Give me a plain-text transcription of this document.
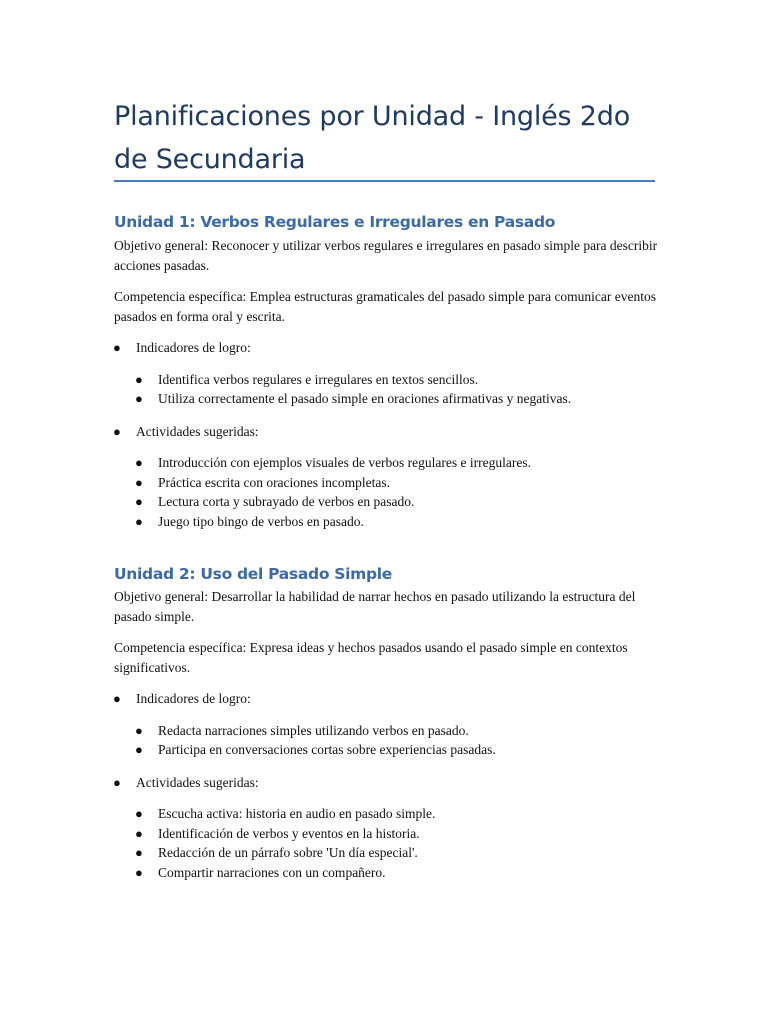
Planificaciones por Unidad - Inglés 2do de Secundaria
Unidad 1: Verbos Regulares e Irregulares en Pasado

Objetivo general: Reconocer y utilizar verbos regulares e irregulares en pasado simple para describir acciones pasadas.

Competencia específica: Emplea estructuras gramaticales del pasado simple para comunicar eventos pasados en forma oral y escrita.

● Indicadores de logro:
● Identifica verbos regulares e irregulares en textos sencillos.
● Utiliza correctamente el pasado simple en oraciones afirmativas y negativas.
● Actividades sugeridas:
● Introducción con ejemplos visuales de verbos regulares e irregulares.
● Práctica escrita con oraciones incompletas.
● Lectura corta y subrayado de verbos en pasado.
● Juego tipo bingo de verbos en pasado.
Unidad 2: Uso del Pasado Simple

Objetivo general: Desarrollar la habilidad de narrar hechos en pasado utilizando la estructura del pasado simple.

Competencia específica: Expresa ideas y hechos pasados usando el pasado simple en contextos significativos.

● Indicadores de logro:
● Redacta narraciones simples utilizando verbos en pasado.
● Participa en conversaciones cortas sobre experiencias pasadas.
● Actividades sugeridas:
● Escucha activa: historia en audio en pasado simple.
● Identificación de verbos y eventos en la historia.
● Redacción de un párrafo sobre 'Un día especial'.
● Compartir narraciones con un compañero.
